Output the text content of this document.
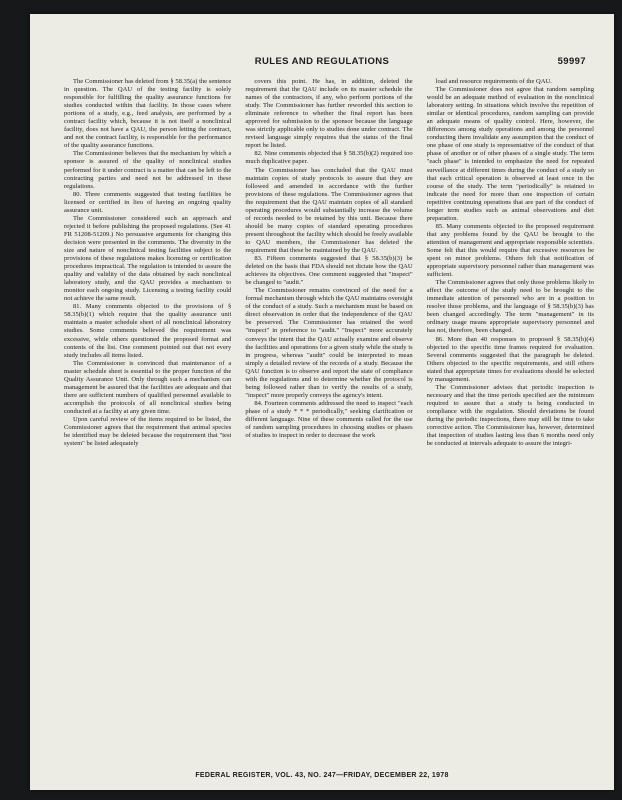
RULES AND REGULATIONS	59997

The Commissioner has deleted from § 58.35(a) the sentence in question. The QAU of the testing facility is solely responsible for fulfilling the quality assurance functions for studies conducted within that facility. In those cases where portions of a study, e.g., feed analysis, are performed by a contract facility which, because it is not itself a nonclinical facility, does not have a QAU, the person letting the contract, and not the contract facility, is responsible for the performance of the quality assurance functions.

The Commissioner believes that the mechanism by which a sponsor is assured of the quality of nonclinical studies performed for it under contract is a matter that can be left to the contracting parties and need not be addressed in these regulations.

80. Three comments suggested that testing facilities be licensed or certified in lieu of having an ongoing quality assurance unit.

The Commissioner considered such an approach and rejected it before publishing the proposed regulations. (See 41 FR 51208-51209.) No persuasive arguments for changing this decision were presented in the comments. The diversity in the size and nature of nonclinical testing facilities subject to the provisions of these regulations makes licensing or certification procedures impractical. The regulation is intended to assure the quality and validity of the data obtained by each nonclinical laboratory study, and the QAU provides a mechanism to monitor each ongoing study. Licensing a testing facility could not achieve the same result.

81. Many comments objected to the provisions of § 58.35(b)(1) which require that the quality assurance unit maintain a master schedule sheet of all nonclinical laboratory studies. Some comments believed the requirement was excessive, while others questioned the proposed format and contents of the list. One comment pointed out that not every study includes all items listed.

The Commissioner is convinced that maintenance of a master schedule sheet is essential to the proper function of the Quality Assurance Unit. Only through such a mechanism can management be assured that the facilities are adequate and that there are sufficient numbers of qualified personnel available to accomplish the protocols of all nonclinical studies being conducted at a facility at any given time.

Upon careful review of the items required to be listed, the Commissioner agrees that the requirement that animal species be identified may be deleted because the requirement that "test system" be listed adequately

covers this point. He has, in addition, deleted the requirement that the QAU include on its master schedule the names of the contractors, if any, who perform portions of the study. The Commissioner has further reworded this section to eliminate reference to whether the final report has been approved for submission to the sponsor because the language was strictly applicable only to studies done under contract. The revised language simply requires that the status of the final report be listed.

82. Nine comments objected that § 58.35(b)(2) required too much duplicative paper.

The Commissioner has concluded that the QAU must maintain copies of study protocols to assure that they are followed and amended in accordance with the further provisions of these regulations. The Commissioner agrees that the requirement that the QAU maintain copies of all standard operating procedures would substantially increase the volume of records needed to be retained by this unit. Because there should be many copies of standard operating procedures present throughout the facility which should be freely available to QAU members, the Commissioner has deleted the requirement that these be maintained by the QAU.

83. Fifteen comments suggested that § 58.35(b)(3) be deleted on the basis that FDA should not dictate how the QAU achieves its objectives. One comment suggested that "inspect" be changed to "audit."

The Commissioner remains convinced of the need for a formal mechanism through which the QAU maintains oversight of the conduct of a study. Such a mechanism must be based on direct observation in order that the independence of the QAU be preserved. The Commissioner has retained the word "inspect" in preference to "audit." "Inspect" more accurately conveys the intent that the QAU actually examine and observe the facilities and operations for a given study while the study is in progress, whereas "audit" could be interpreted to mean simply a detailed review of the records of a study. Because the QAU function is to observe and report the state of compliance with the regulations and to determine whether the protocol is being followed rather than to verify the results of a study, "inspect" more properly conveys the agency's intent.

84. Fourteen comments addressed the need to inspect "each phase of a study * * * periodically," seeking clarification or different language. Nine of these comments called for the use of random sampling procedures in choosing studies or phases of studies to inspect in order to decrease the work

load and resource requirements of the QAU.

The Commissioner does not agree that random sampling would be an adequate method of evaluation in the nonclinical laboratory setting. In situations which involve the repetition of similar or identical procedures, random sampling can provide an adequate means of quality control. Here, however, the differences among study operations and among the personnel conducting them invalidate any assumption that the conduct of one phase of one study is representative of the conduct of that phase of another or of other phases of a single study. The term "each phase" is intended to emphasize the need for repeated surveillance at different times during the conduct of a study so that each critical operation is observed at least once in the course of the study. The term "periodically" is retained to indicate the need for more than one inspection of certain repetitive continuing operations that are part of the conduct of longer term studies such as animal observations and diet preparation.

85. Many comments objected to the proposed requirement that any problems found by the QAU be brought to the attention of management and appropriate responsible scientists. Some felt that this would require that excessive resources be spent on minor problems. Others felt that notification of appropriate supervisory personnel rather than management was sufficient.

The Commissioner agrees that only those problems likely to affect the outcome of the study need to be brought to the immediate attention of personnel who are in a position to resolve those problems, and the language of § 58.35(b)(3) has been changed accordingly. The term "management" in its ordinary usage means appropriate supervisory personnel and has not, therefore, been changed.

86. More than 40 responses to proposed § 58.35(b)(4) objected to the specific time frames required for evaluation. Several comments suggested that the paragraph be deleted. Others objected to the specific requirements, and still others stated that appropriate times for evaluations should be selected by management.

The Commissioner advises that periodic inspection is necessary and that the time periods specified are the minimum required to assure that a study is being conducted in compliance with the regulation. Should deviations be found during the periodic inspections, there may still be time to take corrective action. The Commissioner has, however, determined that inspection of studies lasting less than 6 months need only be conducted at intervals adequate to assure the integri-

FEDERAL REGISTER, VOL. 43, NO. 247—FRIDAY, DECEMBER 22, 1978
